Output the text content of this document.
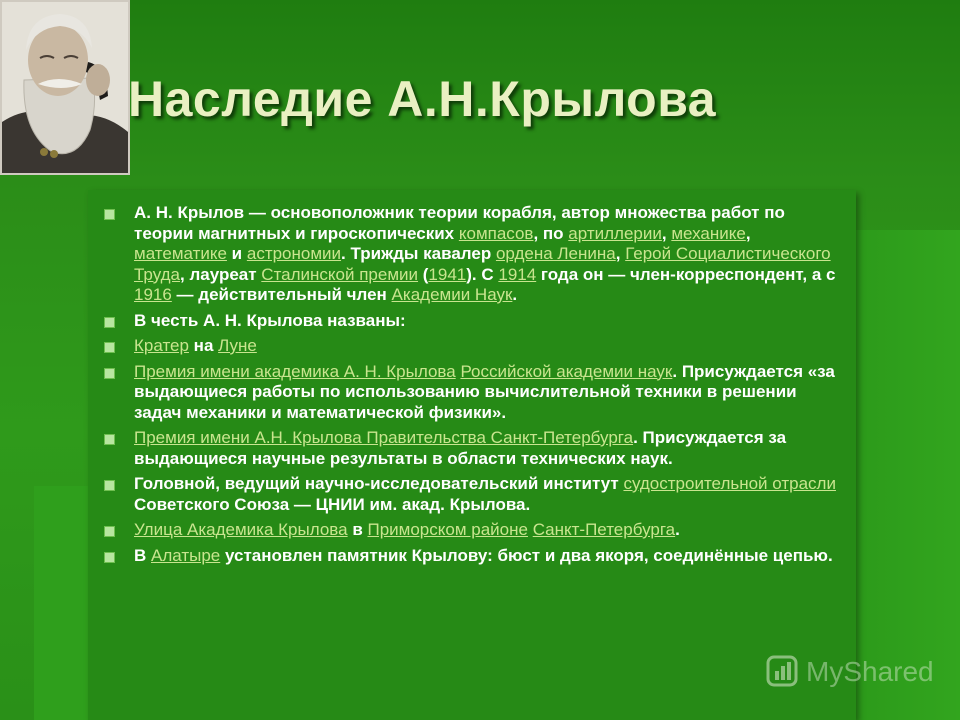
Наследие А.Н.Крылова
А. Н. Крылов — основоположник теории корабля, автор множества работ по теории магнитных и гироскопических компасов, по артиллерии, механике, математике и астрономии. Трижды кавалер ордена Ленина, Герой Социалистического Труда, лауреат Сталинской премии (1941). С 1914 года он — член-корреспондент, а с 1916 — действительный член Академии Наук.
В честь А. Н. Крылова названы:
Кратер на Луне
Премия имени академика А. Н. Крылова Российской академии наук. Присуждается «за выдающиеся работы по использованию вычислительной техники в решении задач механики и математической физики».
Премия имени А.Н. Крылова Правительства Санкт-Петербурга. Присуждается за выдающиеся научные результаты в области технических наук.
Головной, ведущий научно-исследовательский институт судостроительной отрасли Советского Союза — ЦНИИ им. акад. Крылова.
Улица Академика Крылова в Приморском районе Санкт-Петербурга.
В Алатыре установлен памятник Крылову: бюст и два якоря, соединённые цепью.
MyShared
